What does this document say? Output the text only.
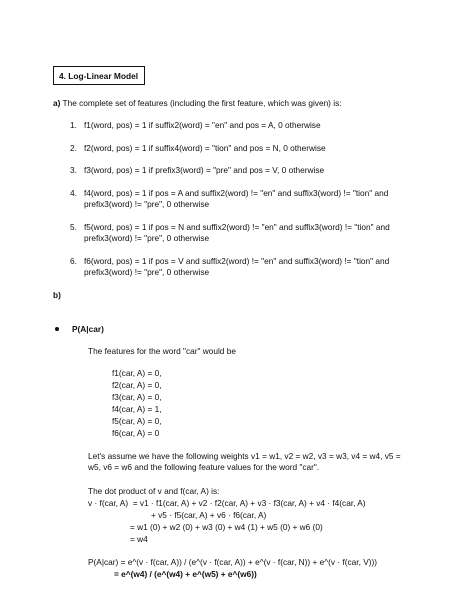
4. Log-Linear Model
a) The complete set of features (including the first feature, which was given) is:
1. f1(word, pos) = 1 if suffix2(word) = "en" and pos = A, 0 otherwise
2. f2(word, pos) = 1 if suffix4(word) = "tion" and pos = N, 0 otherwise
3. f3(word, pos) = 1 if prefix3(word) = "pre" and pos = V, 0 otherwise
4. f4(word, pos) = 1 if pos = A and suffix2(word) != "en" and suffix3(word) != "tion" and
prefix3(word) != "pre", 0 otherwise
5. f5(word, pos) = 1 if pos = N and suffix2(word) != "en" and suffix3(word) != "tion" and
prefix3(word) != "pre", 0 otherwise
6. f6(word, pos) = 1 if pos = V and suffix2(word) != "en" and suffix3(word) != "tion" and
prefix3(word) != "pre", 0 otherwise
b)
P(A|car)
The features for the word "car" would be
f1(car, A) = 0,
f2(car, A) = 0,
f3(car, A) = 0,
f4(car, A) = 1,
f5(car, A) = 0,
f6(car, A) = 0
Let's assume we have the following weights v1 = w1, v2 = w2, v3 = w3, v4 = w4, v5 =
w5, v6 = w6 and the following feature values for the word "car".
The dot product of v and f(car, A) is:
v · f(car, A)  = v1 · f1(car, A) + v2 · f2(car, A) + v3 · f3(car, A) + v4 · f4(car, A)
+ v5 · f5(car, A) + v6 · f6(car, A)
= w1 (0) + w2 (0) + w3 (0) + w4 (1) + w5 (0) + w6 (0)
= w4
P(A|car) = e^(v · f(car, A)) / (e^(v · f(car, A)) + e^(v · f(car, N)) + e^(v · f(car, V)))
= e^(w4) / (e^(w4) + e^(w5) + e^(w6))
